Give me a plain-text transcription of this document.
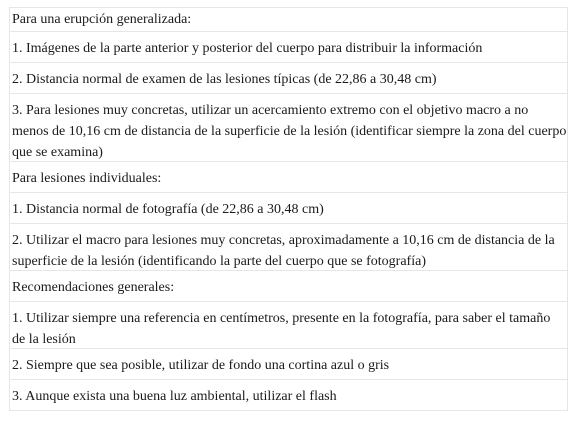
Para una erupción generalizada:
1. Imágenes de la parte anterior y posterior del cuerpo para distribuir la información
2. Distancia normal de examen de las lesiones típicas (de 22,86 a 30,48 cm)
3. Para lesiones muy concretas, utilizar un acercamiento extremo con el objetivo macro a no menos de 10,16 cm de distancia de la superficie de la lesión (identificar siempre la zona del cuerpo que se examina)
Para lesiones individuales:
1. Distancia normal de fotografía (de 22,86 a 30,48 cm)
2. Utilizar el macro para lesiones muy concretas, aproximadamente a 10,16 cm de distancia de la superficie de la lesión (identificando la parte del cuerpo que se fotografía)
Recomendaciones generales:
1. Utilizar siempre una referencia en centímetros, presente en la fotografía, para saber el tamaño de la lesión
2. Siempre que sea posible, utilizar de fondo una cortina azul o gris
3. Aunque exista una buena luz ambiental, utilizar el flash
